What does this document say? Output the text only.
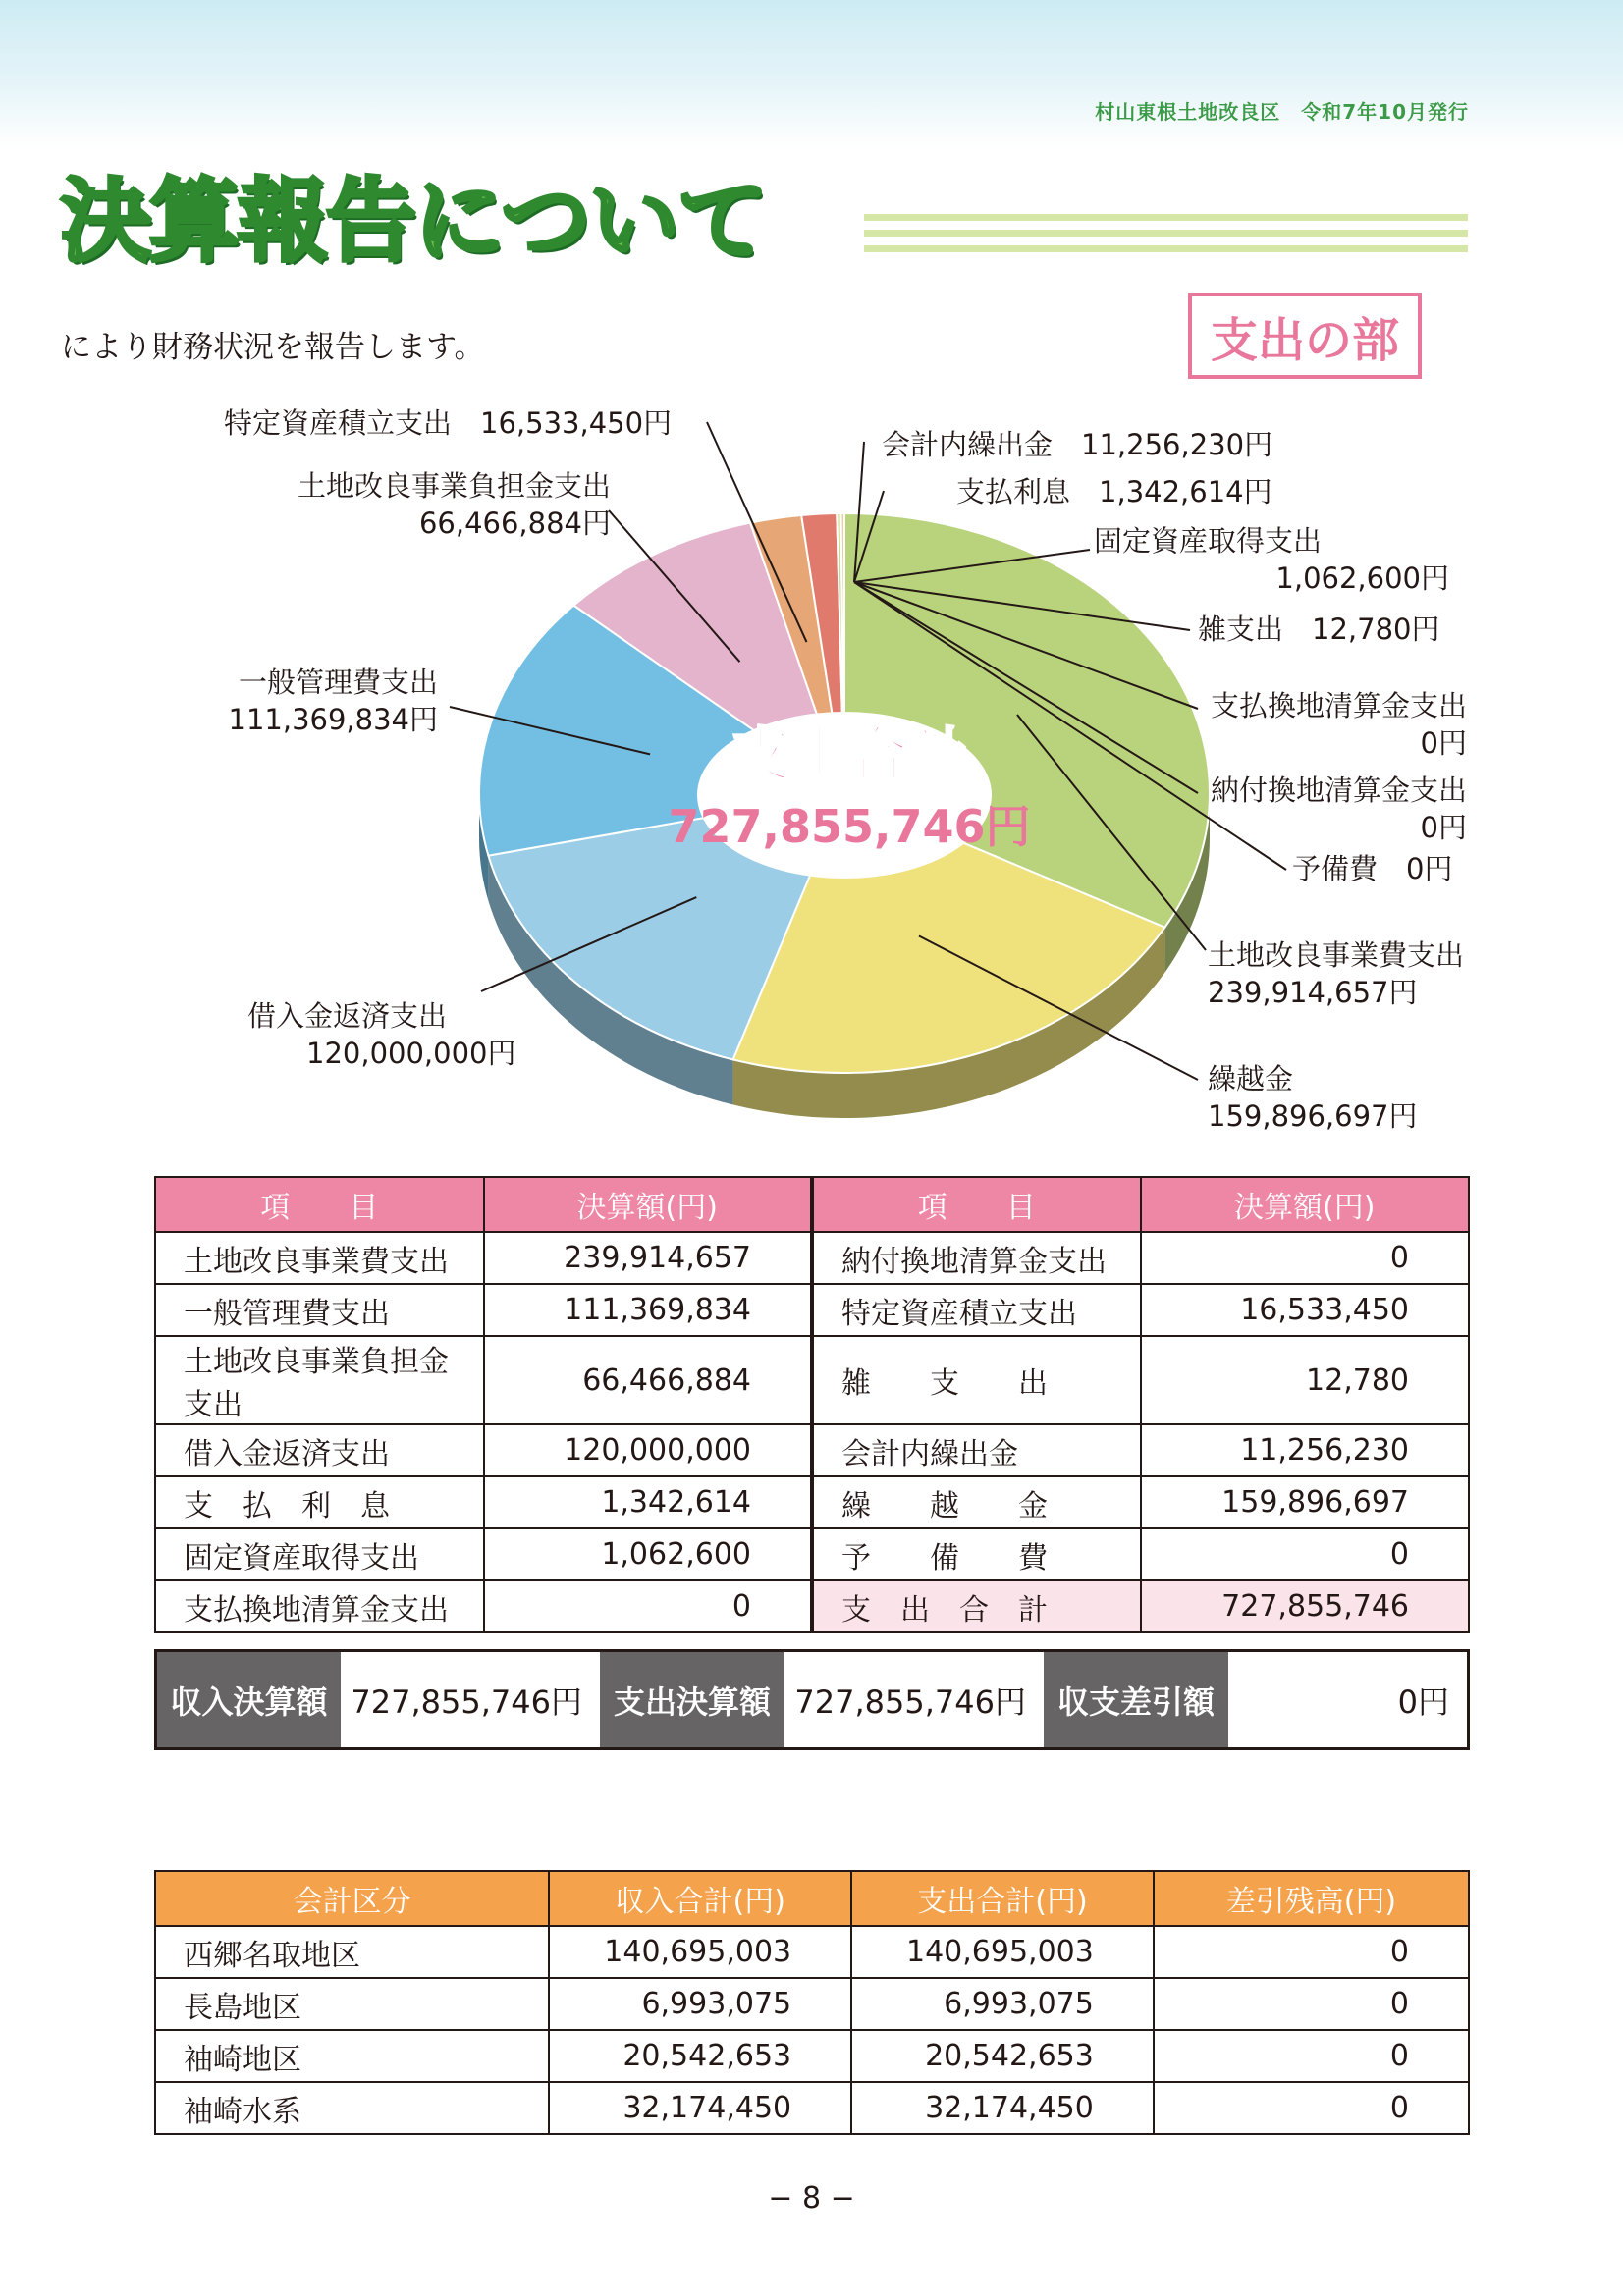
村山東根土地改良区　令和7年10月発行
決算報告について
により財務状況を報告します。	支出の部
支出合計
727,855,746円
特定資産積立支出　 16,533,450円
土地改良事業負担金支出
66,466,884円
一般管理費支出
111,369,834円
借入金返済支出
120,000,000円
会計内繰出金　 11,256,230円
支払利息　 1,342,614円
固定資産取得支出
1,062,600円
雑支出　 12,780円
支払換地清算金支出
0円
納付換地清算金支出
0円
予備費　 0円
土地改良事業費支出
239,914,657円
繰越金
159,896,697円
項　　目	決算額(円)	項　　目	決算額(円)
土地改良事業費支出	239,914,657	納付換地清算金支出	0
一般管理費支出	111,369,834	特定資産積立支出	16,533,450
土地改良事業負担金支出	66,466,884	雑　　支　　出	12,780
借入金返済支出	120,000,000	会計内繰出金	11,256,230
支　払　利　息	1,342,614	繰　　越　　金	159,896,697
固定資産取得支出	1,062,600	予　　備　　費	0
支払換地清算金支出	0	支　出　合　計	727,855,746
収入決算額 727,855,746円 支出決算額 727,855,746円 収支差引額	0円
会計区分	収入合計(円)	支出合計(円)	差引残高(円)
西郷名取地区	140,695,003	140,695,003	0
長島地区	6,993,075	6,993,075	0
袖崎地区	20,542,653	20,542,653	0
袖崎水系	32,174,450	32,174,450	0
− 8 −
